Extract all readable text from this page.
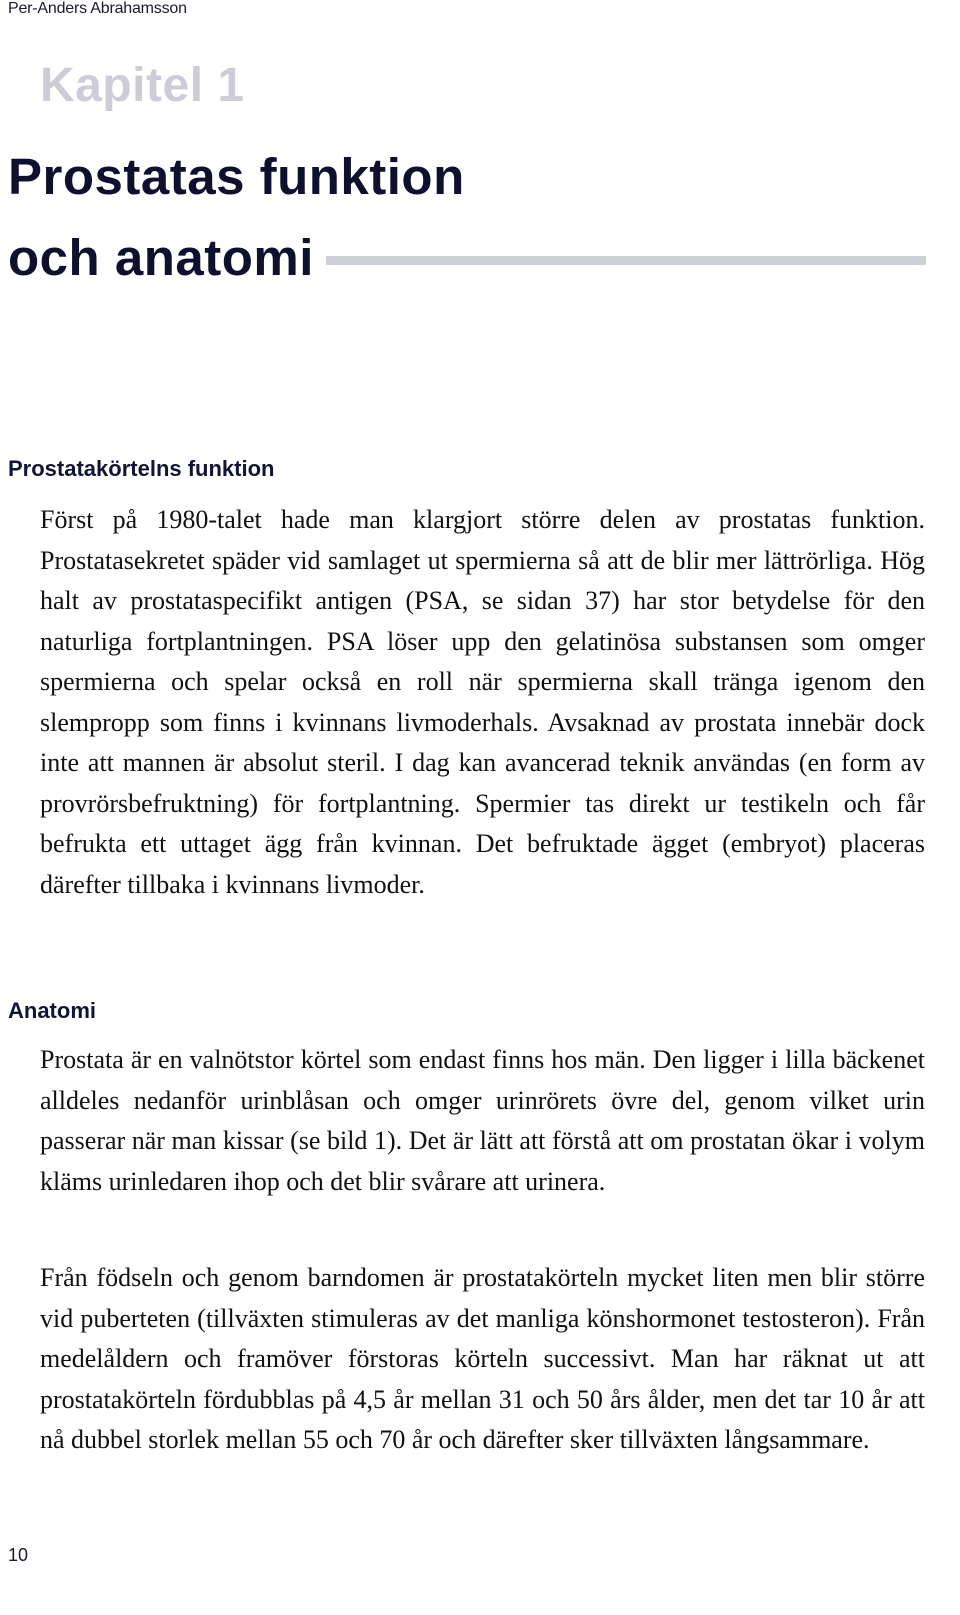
Per-Anders Abrahamsson
Kapitel 1
Prostatas funktion
och anatomi
Prostatakörtelns funktion

Först på 1980-talet hade man klargjort större delen av prostatas funktion. Prostatasekretet späder vid samlaget ut spermierna så att de blir mer lättrörliga. Hög halt av prostataspecifikt antigen (PSA, se sidan 37) har stor betydelse för den naturliga fortplantningen. PSA löser upp den gelatinösa substansen som omger spermierna och spelar också en roll när spermierna skall tränga igenom den slempropp som finns i kvinnans livmoderhals. Avsaknad av prostata innebär dock inte att mannen är absolut steril. I dag kan avancerad teknik användas (en form av provrörsbefruktning) för fortplantning. Spermier tas direkt ur testikeln och får befrukta ett uttaget ägg från kvinnan. Det befruktade ägget (embryot) placeras därefter tillbaka i kvinnans livmoder.

Anatomi

Prostata är en valnötstor körtel som endast finns hos män. Den ligger i lilla bäckenet alldeles nedanför urinblåsan och omger urinrörets övre del, genom vilket urin passerar när man kissar (se bild 1). Det är lätt att förstå att om prostatan ökar i volym kläms urinledaren ihop och det blir svårare att urinera.

Från födseln och genom barndomen är prostatakörteln mycket liten men blir större vid puberteten (tillväxten stimuleras av det manliga könshormonet testosteron). Från medelåldern och framöver förstoras körteln successivt. Man har räknat ut att prostatakörteln fördubblas på 4,5 år mellan 31 och 50 års ålder, men det tar 10 år att nå dubbel storlek mellan 55 och 70 år och därefter sker tillväxten långsammare.

10
